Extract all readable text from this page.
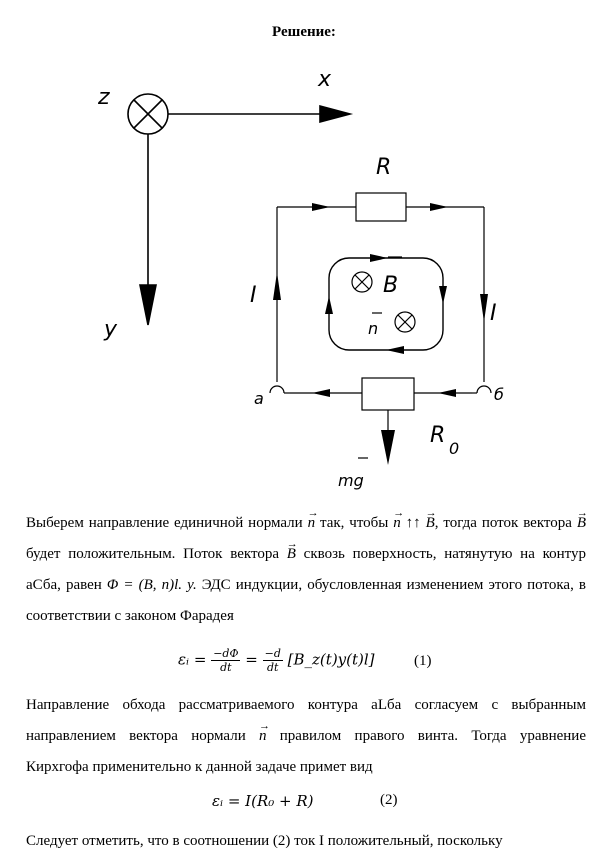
Решение:
z
x
y
B
n
R
I
I
a	б
R
0
mg
Выберем направление единичной нормали → n так, чтобы → n ↑↑ → B, тогда поток вектора → B будет положительным. Поток вектора → B сквозь поверхность, натянутую на контур аСба, равен Φ = (B, n)l. y. ЭДС индукции, обусловленная изменением этого потока, в соответствии с законом Фарадея
εᵢ = $\frac{-d\Phi}{dt} = \frac{-d}{dt}$ [B_z(t)y(t)l]	(1)
Направление обхода рассматриваемого контура аLба согласуем с выбранным направлением вектора нормали → n правилом правого винта. Тогда уравнение Кирхгофа применительно к данной задаче примет вид
εᵢ = I(R₀ + R)	(2)
Следует отметить, что в соотношении (2) ток I положительный, поскольку
